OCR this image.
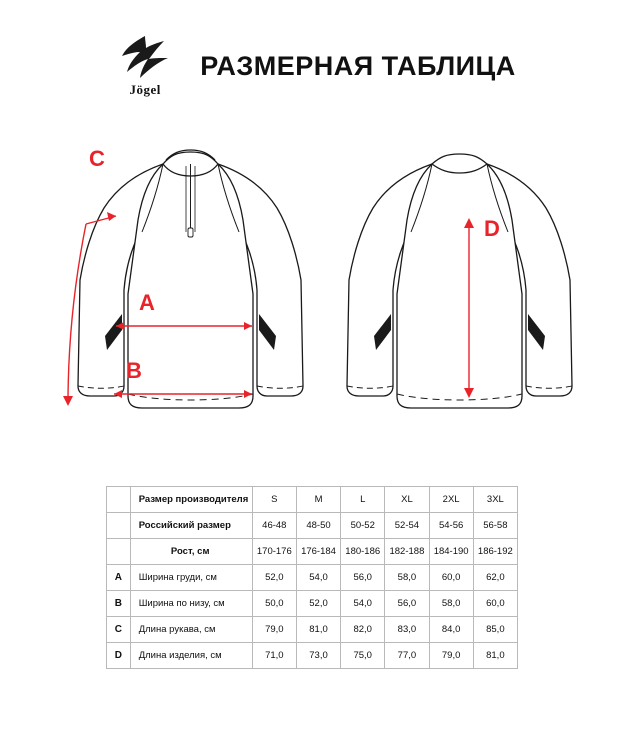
Jögel
РАЗМЕРНАЯ ТАБЛИЦА
A
B
C
D
	Размер производителя	S	M	L	XL	2XL	3XL
	Российский размер	46-48	48-50	50-52	52-54	54-56	56-58
	Рост, см	170-176	176-184	180-186	182-188	184-190	186-192
A	Ширина груди, см	52,0	54,0	56,0	58,0	60,0	62,0
B	Ширина по низу, см	50,0	52,0	54,0	56,0	58,0	60,0
C	Длина рукава, см	79,0	81,0	82,0	83,0	84,0	85,0
D	Длина изделия, см	71,0	73,0	75,0	77,0	79,0	81,0
